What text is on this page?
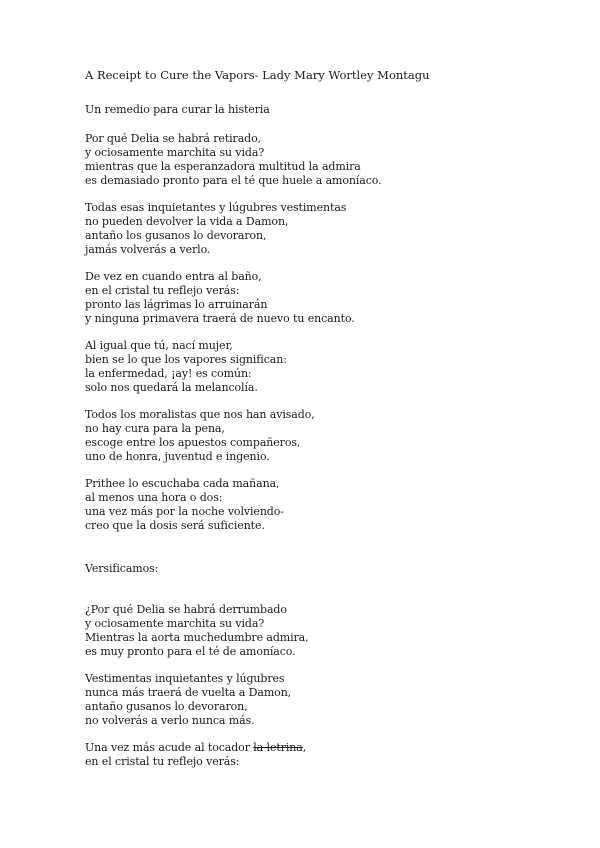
A Receipt to Cure the Vapors- Lady Mary Wortley Montagu
Un remedio para curar la histeria
Por qué Delia se habrá retirado,
y ociosamente marchita su vida?
mientras que la esperanzadora multitud la admira
es demasiado pronto para el té que huele a amoníaco.
Todas esas inquietantes y lúgubres vestimentas
no pueden devolver la vida a Damon,
antaño los gusanos lo devoraron,
jamás volverás a verlo.
De vez en cuando entra al baño,
en el cristal tu reflejo verás:
pronto las lágrimas lo arruinarán
y ninguna primavera traerá de nuevo tu encanto.
Al igual que tú, nací mujer,
bien se lo que los vapores significan:
la enfermedad, ¡ay! es común:
solo nos quedará la melancolía.
Todos los moralistas que nos han avisado,
no hay cura para la pena,
escoge entre los apuestos compañeros,
uno de honra, juventud e ingenio.
Prithee lo escuchaba cada mañana,
al menos una hora o dos:
una vez más por la noche volviendo-
creo que la dosis será suficiente.
Versificamos:
¿Por qué Delia se habrá derrumbado
y ociosamente marchita su vida?
Mientras la aorta muchedumbre admira,
es muy pronto para el té de amoníaco.
Vestimentas inquietantes y lúgubres
nunca más traerá de vuelta a Damon,
antaño gusanos lo devoraron,
no volverás a verlo nunca más.
Una vez más acude al tocador la letrina,
en el cristal tu reflejo verás:
